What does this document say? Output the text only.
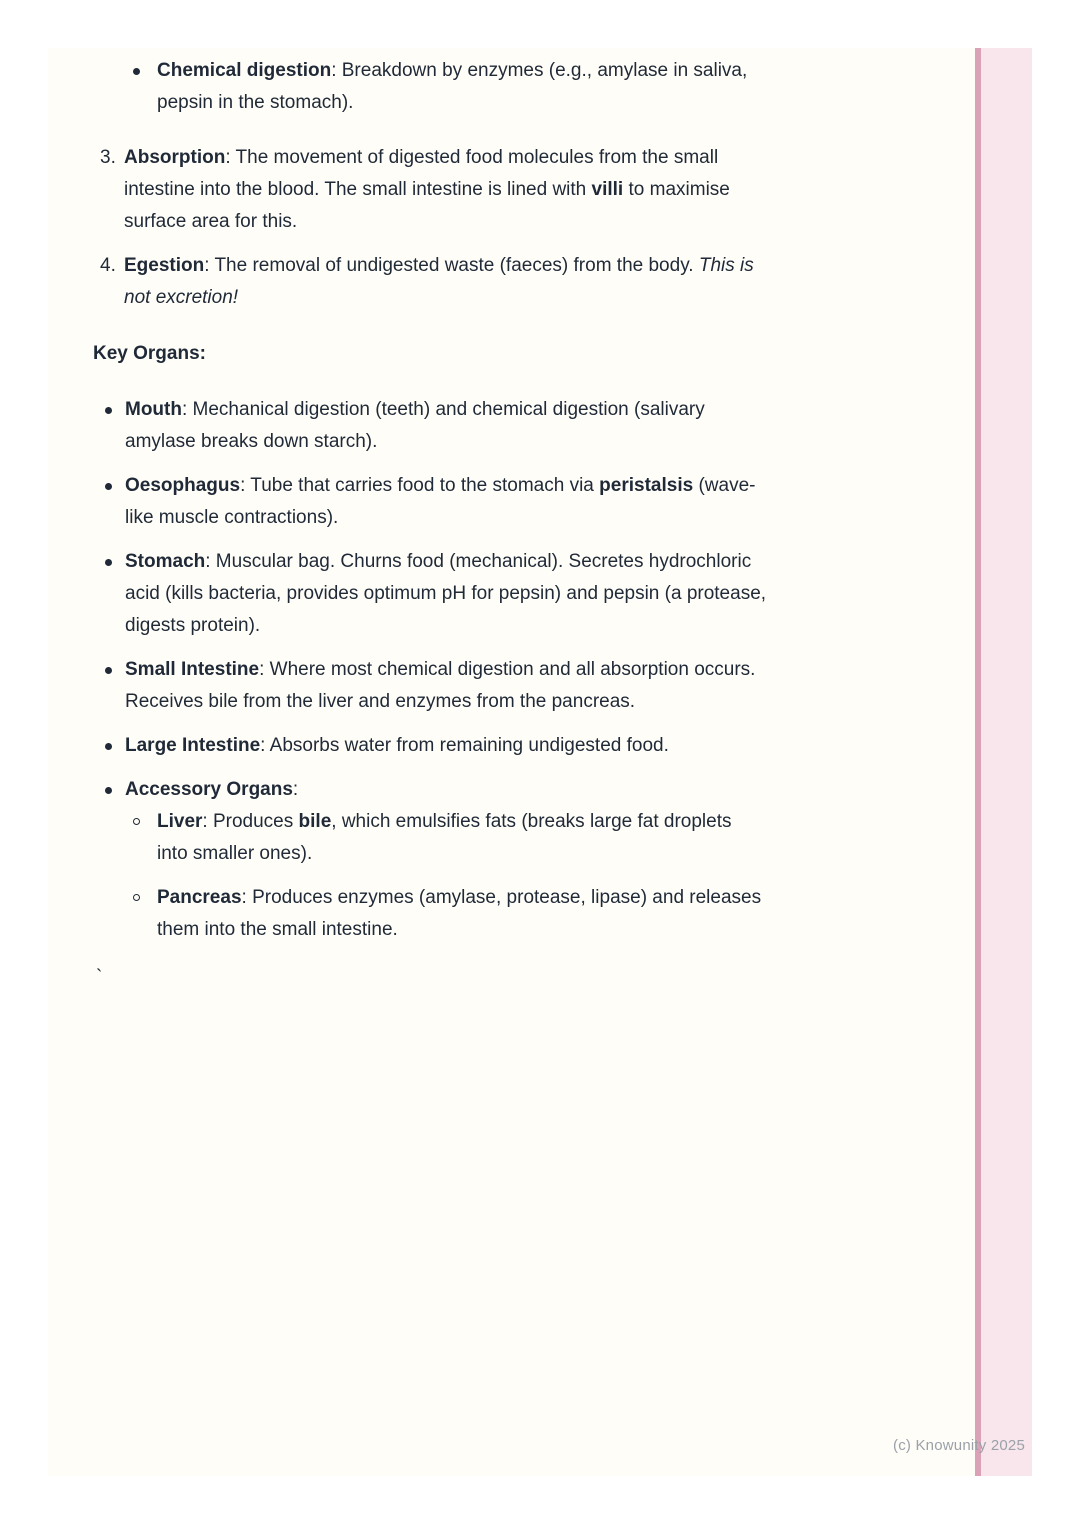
Chemical digestion: Breakdown by enzymes (e.g., amylase in saliva, pepsin in the stomach).
3. Absorption: The movement of digested food molecules from the small intestine into the blood. The small intestine is lined with villi to maximise surface area for this.
4. Egestion: The removal of undigested waste (faeces) from the body. This is not excretion!
Key Organs:
Mouth: Mechanical digestion (teeth) and chemical digestion (salivary amylase breaks down starch).
Oesophagus: Tube that carries food to the stomach via peristalsis (wave-like muscle contractions).
Stomach: Muscular bag. Churns food (mechanical). Secretes hydrochloric acid (kills bacteria, provides optimum pH for pepsin) and pepsin (a protease, digests protein).
Small Intestine: Where most chemical digestion and all absorption occurs. Receives bile from the liver and enzymes from the pancreas.
Large Intestine: Absorbs water from remaining undigested food.
Accessory Organs:
Liver: Produces bile, which emulsifies fats (breaks large fat droplets into smaller ones).
Pancreas: Produces enzymes (amylase, protease, lipase) and releases them into the small intestine.
`
(c) Knowunity 2025
